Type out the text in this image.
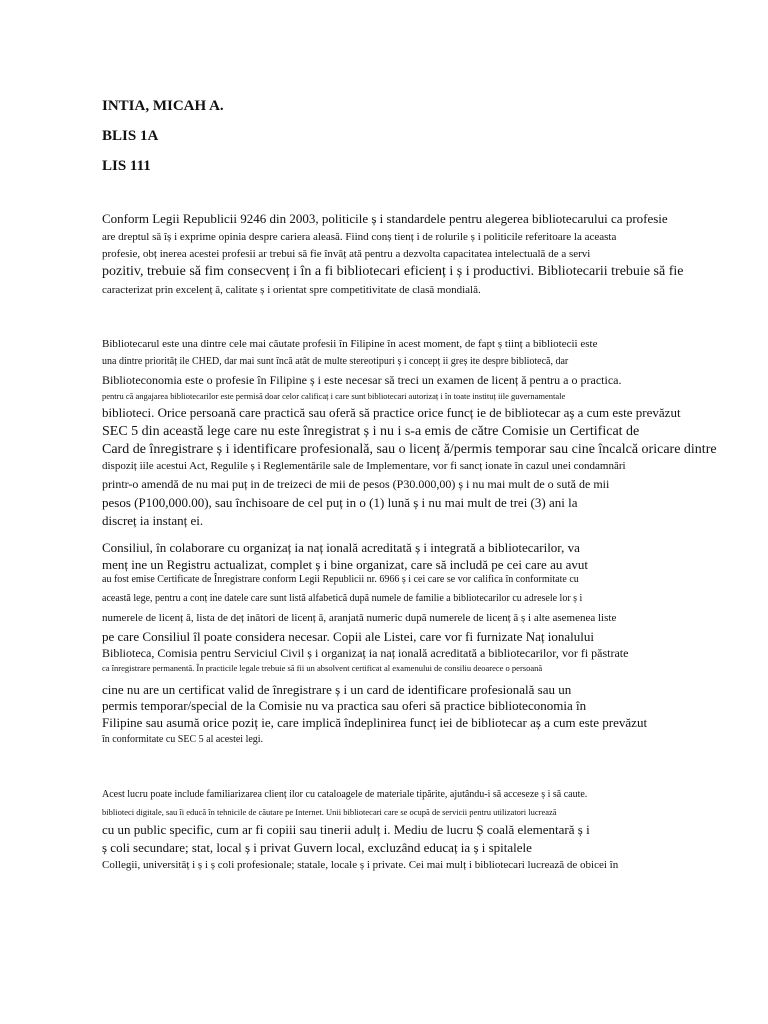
INTIA, MICAH A.
BLIS 1A
LIS 111
Conform Legii Republicii 9246 din 2003, politicile ș i standardele pentru alegerea bibliotecarului ca profesie
are dreptul să îș i exprime opinia despre cariera aleasă. Fiind conș tienț i de rolurile ș i politicile referitoare la aceasta
profesie, obț inerea acestei profesii ar trebui să fie învăț ată pentru a dezvolta capacitatea intelectuală de a servi
pozitiv, trebuie să fim consecvenț i în a fi bibliotecari eficienț i ș i productivi. Bibliotecarii trebuie să fie
caracterizat prin excelenț ă, calitate ș i orientat spre competitivitate de clasă mondială.
Bibliotecarul este una dintre cele mai căutate profesii în Filipine în acest moment, de fapt ș tiinț a bibliotecii este
una dintre priorităț ile CHED, dar mai sunt încă atât de multe stereotipuri ș i concepț ii greș ite despre bibliotecă, dar
Biblioteconomia este o profesie în Filipine ș i este necesar să treci un examen de licenț ă pentru a o practica.
pentru că angajarea bibliotecarilor este permisă doar celor calificaț i care sunt bibliotecari autorizaț i în toate instituț iile guvernamentale
biblioteci. Orice persoană care practică sau oferă să practice orice funcț ie de bibliotecar aș a cum este prevăzut
SEC 5 din această lege care nu este înregistrat ș i nu i s-a emis de către Comisie un Certificat de
Card de înregistrare ș i identificare profesională, sau o licenț ă/permis temporar sau cine încalcă oricare dintre
dispoziț iile acestui Act, Regulile ș i Reglementările sale de Implementare, vor fi sancț ionate în cazul unei condamnări
printr-o amendă de nu mai puț in de treizeci de mii de pesos (P30.000,00) ș i nu mai mult de o sută de mii
pesos (P100,000.00), sau închisoare de cel puț in o (1) lună ș i nu mai mult de trei (3) ani la
discreț ia instanț ei.
Consiliul, în colaborare cu organizaț ia naț ională acreditată ș i integrată a bibliotecarilor, va
menț ine un Registru actualizat, complet ș i bine organizat, care să includă pe cei care au avut
au fost emise Certificate de Înregistrare conform Legii Republicii nr. 6966 ș i cei care se vor califica în conformitate cu
această lege, pentru a conț ine datele care sunt listă alfabetică după numele de familie a bibliotecarilor cu adresele lor ș i
numerele de licenț ă, lista de deț inători de licenț ă, aranjată numeric după numerele de licenț ă ș i alte asemenea liste
pe care Consiliul îl poate considera necesar. Copii ale Listei, care vor fi furnizate Naț ionalului
Biblioteca, Comisia pentru Serviciul Civil ș i organizaț ia naț ională acreditată a bibliotecarilor, vor fi păstrate
ca înregistrare permanentă. În practicile legale trebuie să fii un absolvent certificat al examenului de consiliu deoarece o persoană
cine nu are un certificat valid de înregistrare ș i un card de identificare profesională sau un
permis temporar/special de la Comisie nu va practica sau oferi să practice biblioteconomia în
Filipine sau asumă orice poziț ie, care implică îndeplinirea funcț iei de bibliotecar aș a cum este prevăzut
în conformitate cu SEC 5 al acestei legi.
Acest lucru poate include familiarizarea clienț ilor cu cataloagele de materiale tipărite, ajutându-i să acceseze ș i să caute.
biblioteci digitale, sau îi educă în tehnicile de căutare pe Internet. Unii bibliotecari care se ocupă de servicii pentru utilizatori lucrează
cu un public specific, cum ar fi copiii sau tinerii adulț i. Mediu de lucru Ș coală elementară ș i
ș coli secundare; stat, local ș i privat Guvern local, excluzând educaț ia ș i spitalele
Collegii, universităț i ș i ș coli profesionale; statale, locale ș i private. Cei mai mulț i bibliotecari lucrează de obicei în
